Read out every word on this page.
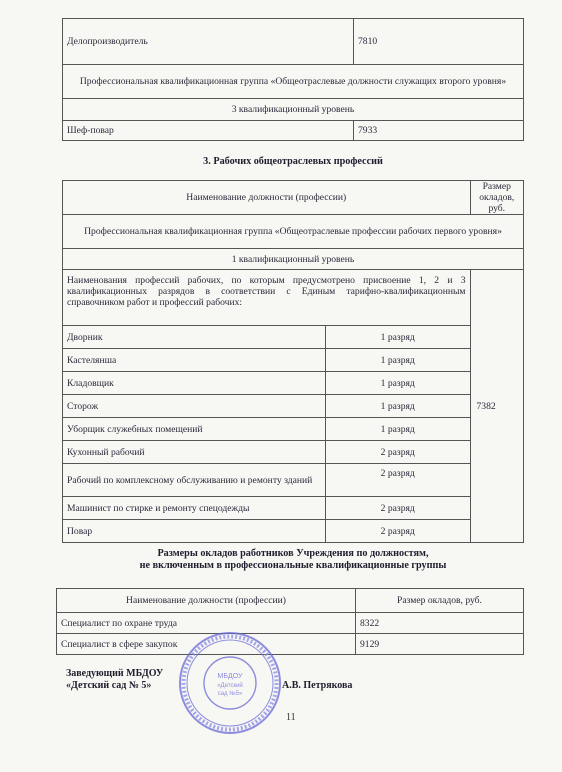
Делопроизводитель	7810
Профессиональная квалификационная группа «Общеотраслевые должности служащих второго уровня»	
3 квалификационный уровень	
Шеф-повар	7933
3. Рабочих общеотраслевых профессий
Наименование должности (профессии)		Размер окладов, руб.
Профессиональная квалификационная группа «Общеотраслевые профессии рабочих первого уровня»		
1 квалификационный уровень		
Наименования профессий рабочих, по которым предусмотрено присвоение 1, 2 и 3 квалификационных разрядов в соответствии с Единым тарифно-квалификационным справочником работ и профессий рабочих:		7382
Дворник	1 разряд	
Кастелянша	1 разряд	
Кладовщик	1 разряд	
Сторож	1 разряд	
Уборщик служебных помещений	1 разряд	
Кухонный рабочий	2 разряд	
Рабочий по комплексному обслуживанию и ремонту зданий	2 разряд	
Машинист по стирке и ремонту спецодежды	2 разряд	
Повар	2 разряд	
Размеры окладов работников Учреждения по должностям,
не включенным в профессиональные квалификационные группы
Наименование должности (профессии)	Размер окладов, руб.
Специалист по охране труда	8322
Специалист в сфере закупок	9129
МБДОУ
«Детский
сад №5»
Заведующий МБДОУ
«Детский сад № 5»	А.В. Петрякова
11
